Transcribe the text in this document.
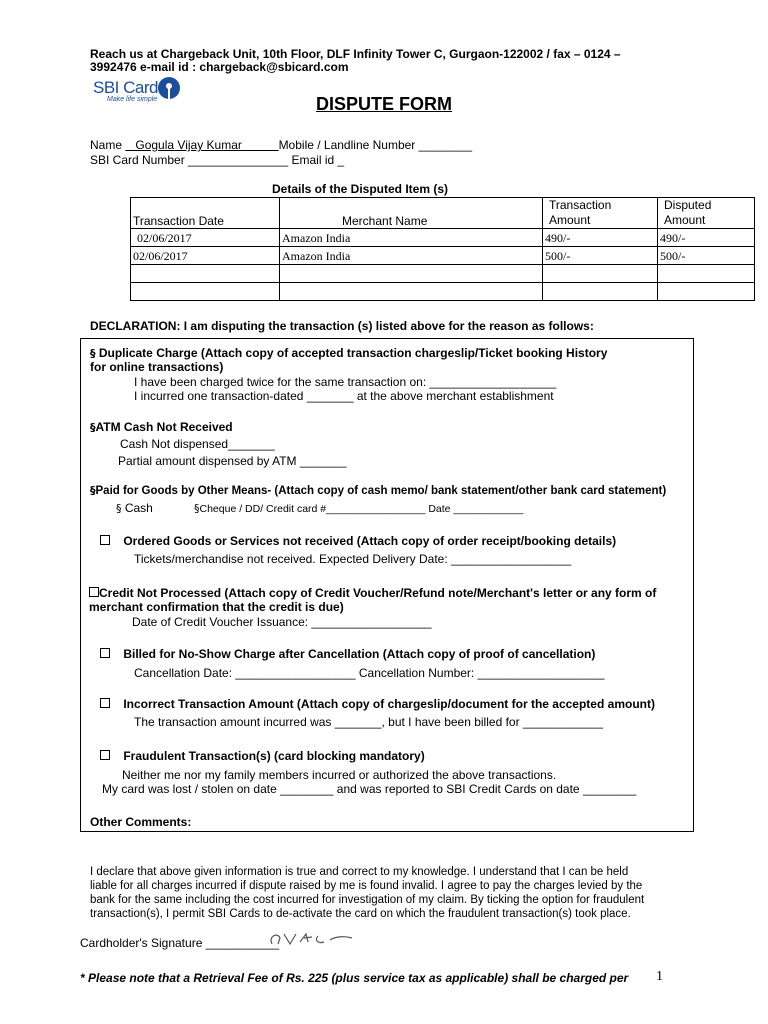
Reach us at Chargeback Unit, 10th Floor, DLF Infinity Tower C, Gurgaon-122002 / fax – 0124 –
3992476 e-mail id : chargeback@sbicard.com
SBI Card
Make life simple	DISPUTE FORM
Name Gogula Vijay Kumar	Mobile / Landline Number ________
SBI Card Number _______________ Email id _
Details of the Disputed Item (s)
Transaction Date	Merchant Name	Transaction Amount	Disputed Amount
02/06/2017	Amazon India	490/-	490/-
02/06/2017	Amazon India	500/-	500/-

DECLARATION: I am disputing the transaction (s) listed above for the reason as follows:
§ Duplicate Charge (Attach copy of accepted transaction chargeslip/Ticket booking History
for online transactions)
I have been charged twice for the same transaction on: ___________________
I incurred one transaction-dated _______ at the above merchant establishment
§ATM Cash Not Received
Cash Not dispensed_______
Partial amount dispensed by ATM _______
§Paid for Goods by Other Means- (Attach copy of cash memo/ bank statement/other bank card statement)
§ Cash	§Cheque / DD/ Credit card #_________________ Date ____________
Ordered Goods or Services not received (Attach copy of order receipt/booking details)
Tickets/merchandise not received. Expected Delivery Date: __________________
Credit Not Processed (Attach copy of Credit Voucher/Refund note/Merchant's letter or any form of
merchant confirmation that the credit is due)
Date of Credit Voucher Issuance: __________________
Billed for No-Show Charge after Cancellation (Attach copy of proof of cancellation)
Cancellation Date: __________________ Cancellation Number: ___________________
Incorrect Transaction Amount (Attach copy of chargeslip/document for the accepted amount)
The transaction amount incurred was _______, but I have been billed for ____________
Fraudulent Transaction(s) (card blocking mandatory)
Neither me nor my family members incurred or authorized the above transactions.
My card was lost / stolen on date ________ and was reported to SBI Credit Cards on date ________
Other Comments:
I declare that above given information is true and correct to my knowledge. I understand that I can be held
liable for all charges incurred if dispute raised by me is found invalid. I agree to pay the charges levied by the
bank for the same including the cost incurred for investigation of my claim. By ticking the option for fraudulent
transaction(s), I permit SBI Cards to de-activate the card on which the fraudulent transaction(s) took place.
Cardholder's Signature ___________
* Please note that a Retrieval Fee of Rs. 225 (plus service tax as applicable) shall be charged per 1
